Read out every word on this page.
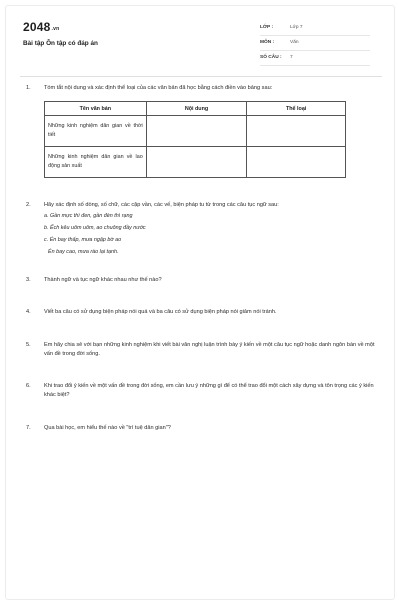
2048.vn
Bài tập Ôn tập có đáp án
LỚP :	Lớp 7
MÔN :	Văn
SỐ CÂU : 7
1. Tóm tắt nội dung và xác định thể loại của các văn bản đã học bằng cách điền vào bảng sau:
Tên văn bản	Nội dung	Thể loại

Những kinh nghiệm dân gian về thời tiết		

Những kinh nghiệm dân gian về lao động sản xuất		

2. Hãy xác định số dòng, số chữ, các cặp vần, các vế, biện pháp tu từ trong các câu tục ngữ sau:
a. Gần mực thì đen, gần đèn thì rạng
b. Ếch kêu uôm uôm, ao chuông đầy nước
c. Én bay thấp, mưa ngập bờ ao
Én bay cao, mưa rào lại tạnh.
3. Thành ngữ và tục ngữ khác nhau như thế nào?
4. Viết ba câu có sử dụng biện pháp nói quá và ba câu có sử dụng biện pháp nói giảm nói tránh.
5. Em hãy chia sẻ với bạn những kinh nghiệm khi viết bài văn nghị luận trình bày ý kiến về một câu tục ngữ hoặc danh ngôn bàn về một vấn đề trong đời sống.
6. Khi trao đổi ý kiến về một vấn đề trong đời sống, em cần lưu ý những gì để có thể trao đổi một cách xây dựng và tôn trọng các ý kiến khác biệt?
7. Qua bài học, em hiểu thế nào về "trí tuệ dân gian"?
